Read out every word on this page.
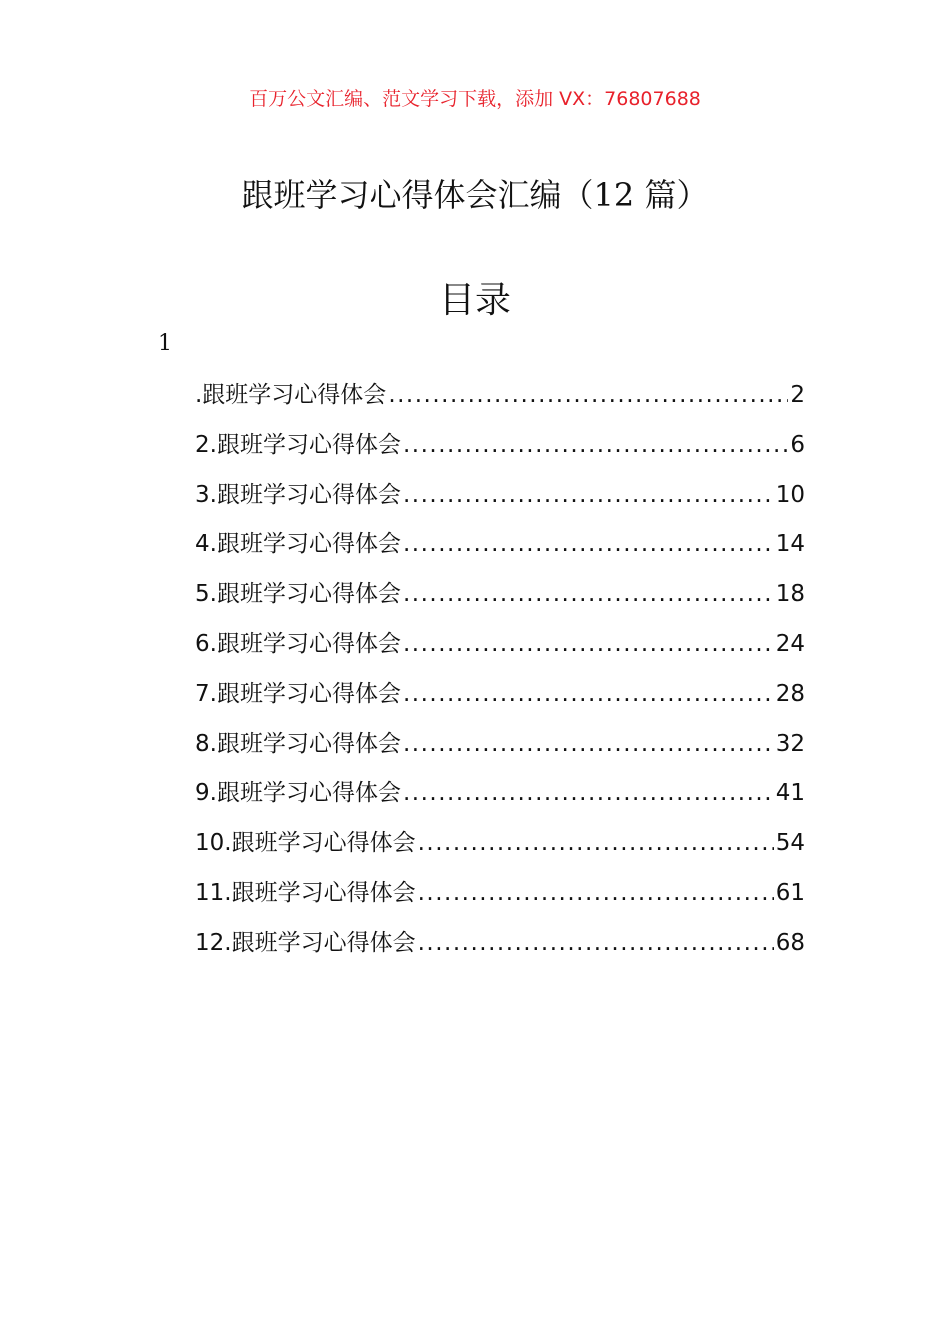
百万公文汇编、范文学习下载，添加 VX：76807688
跟班学习心得体会汇编（12 篇）
目录
1
.跟班学习心得体会 .....	2
2.跟班学习心得体会 .....	6
3.跟班学习心得体会 .....	10
4.跟班学习心得体会 .....	14
5.跟班学习心得体会 .....	18
6.跟班学习心得体会 .....	24
7.跟班学习心得体会 .....	28
8.跟班学习心得体会 .....	32
9.跟班学习心得体会 .....	41
10.跟班学习心得体会 .....	54
11.跟班学习心得体会 .....	61
12.跟班学习心得体会 .....	68
